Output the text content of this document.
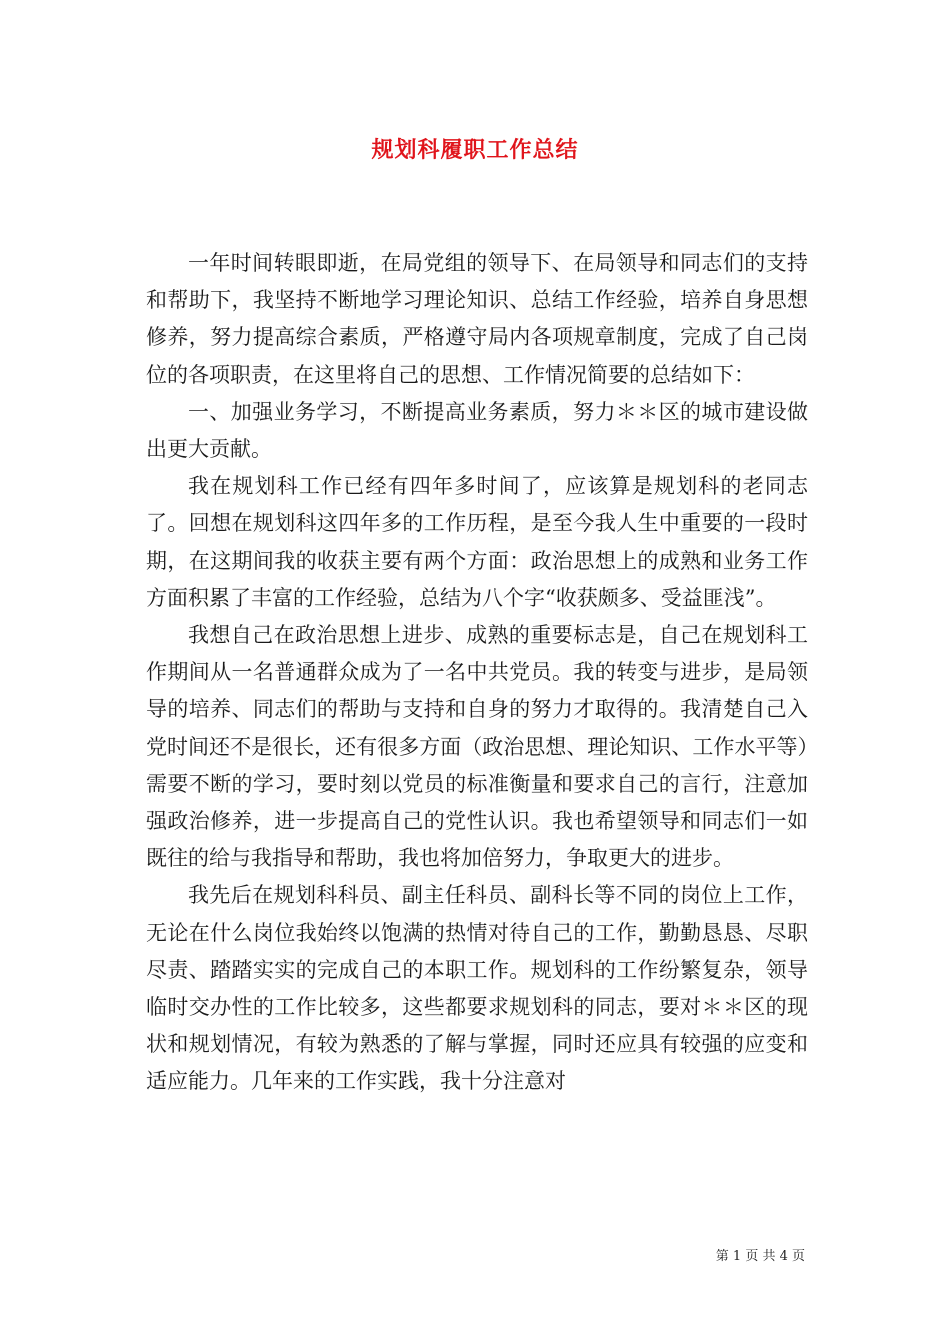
规划科履职工作总结

一年时间转眼即逝，在局党组的领导下、在局领导和同志们的支持和帮助下，我坚持不断地学习理论知识、总结工作经验，培养自身思想修养，努力提高综合素质，严格遵守局内各项规章制度，完成了自己岗位的各项职责，在这里将自己的思想、工作情况简要的总结如下：

一、加强业务学习，不断提高业务素质，努力＊＊区的城市建设做出更大贡献。

我在规划科工作已经有四年多时间了，应该算是规划科的老同志了。回想在规划科这四年多的工作历程，是至今我人生中重要的一段时期，在这期间我的收获主要有两个方面：政治思想上的成熟和业务工作方面积累了丰富的工作经验，总结为八个字“收获颇多、受益匪浅”。

我想自己在政治思想上进步、成熟的重要标志是，自己在规划科工作期间从一名普通群众成为了一名中共党员。我的转变与进步，是局领导的培养、同志们的帮助与支持和自身的努力才取得的。我清楚自己入党时间还不是很长，还有很多方面（政治思想、理论知识、工作水平等）需要不断的学习，要时刻以党员的标准衡量和要求自己的言行，注意加强政治修养，进一步提高自己的党性认识。我也希望领导和同志们一如既往的给与我指导和帮助，我也将加倍努力，争取更大的进步。

我先后在规划科科员、副主任科员、副科长等不同的岗位上工作，无论在什么岗位我始终以饱满的热情对待自己的工作，勤勤恳恳、尽职尽责、踏踏实实的完成自己的本职工作。规划科的工作纷繁复杂，领导临时交办性的工作比较多，这些都要求规划科的同志，要对＊＊区的现状和规划情况，有较为熟悉的了解与掌握，同时还应具有较强的应变和适应能力。几年来的工作实践，我十分注意对

第 1 页 共 4 页
